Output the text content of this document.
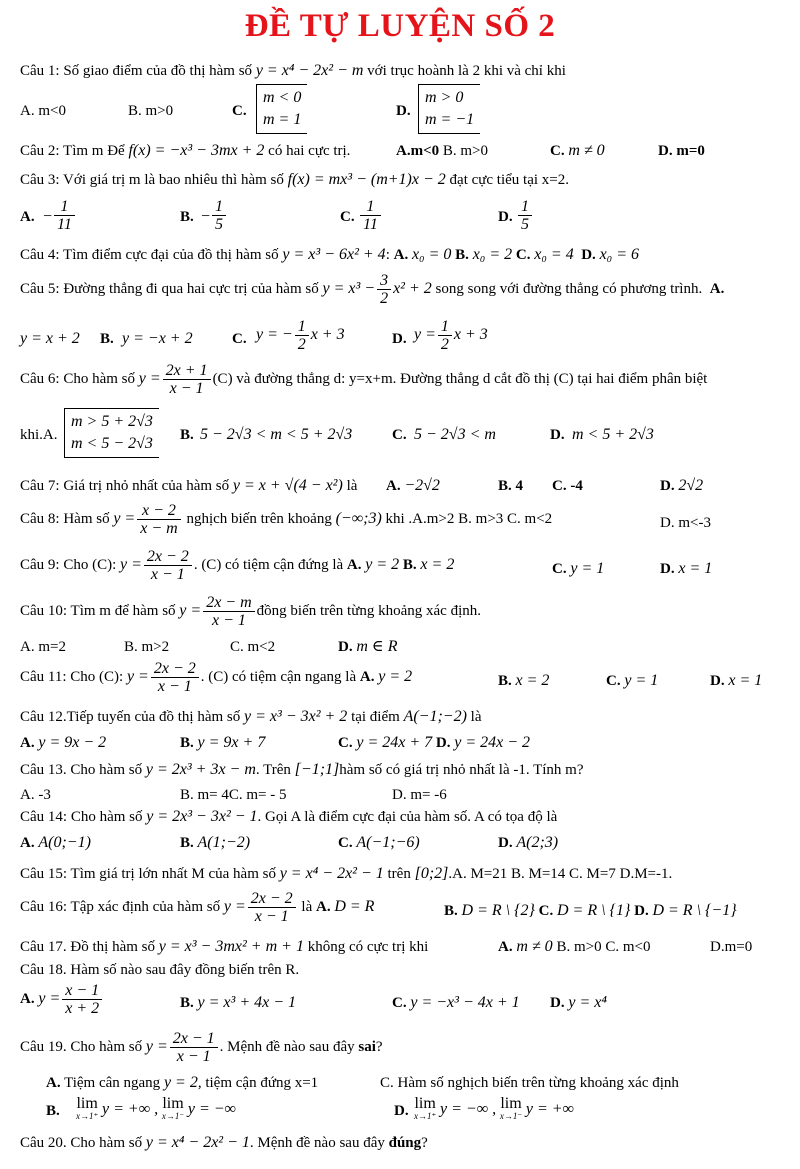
ĐỀ TỰ LUYỆN SỐ 2
Câu 1: Số giao điểm của đồ thị hàm số y = x⁴ − 2x² − m với trục hoành là 2 khi và chỉ khi
A. m<0	B. m>0	C.
m < 0
m = 1	D.
m > 0
m = −1
Câu 2: Tìm m Để f(x) = −x³ − 3mx + 2 có hai cực trị.	A.m<0 B. m>0	C. m ≠ 0	D. m=0
Câu 3: Với giá trị m là bao nhiêu thì hàm số f(x) = mx³ − (m+1)x − 2 đạt cực tiểu tại x=2.
A. − $\frac{1}{11}$	B. − $\frac{1}{5}$	C. $\frac{1}{11}$	D. $\frac{1}{5}$
Câu 4: Tìm điểm cực đại của đồ thị hàm số y = x³ − 6x² + 4: A. x₀ = 0 B. x₀ = 2 C. x₀ = 4 D. x₀ = 6
Câu 5: Đường thẳng đi qua hai cực trị của hàm số $y = x^3 - \frac{3}{2} x^2 + 2$ song song với đường thẳng có phương trình. A.
y = x + 2 B. y = −x + 2	C. y = − $\frac{1}{2}$ x + 3	D. $y = \frac{1}{2}$ x + 3
Câu 6: Cho hàm số $y = \frac{2x + 1}{x - 1} (C)$ và đường thẳng d: y=x+m. Đường thẳng d cắt đồ thị (C) tại hai điểm phân biệt
khi.A.
m > 5 + 2√3
m < 5 − 2√3 B. 5 − 2√3 < m < 5 + 2√3	C. 5 − 2√3 < m	D. m < 5 + 2√3
Câu 7: Giá trị nhỏ nhất của hàm số y = x + √(4 − x²) là A. −2√2	B. 4 C. -4	D. 2√2
Câu 8: Hàm số $y = \frac{x - 2}{x - m}$ nghịch biến trên khoảng (−∞;3) khi .A.m>2 B. m>3 C. m<2	D. m<-3
Câu 9: Cho (C): $y = \frac{2x - 2}{x - 1}$ . (C) có tiệm cận đứng là A. y = 2 B. x = 2	C. y = 1	D. x = 1
Câu 10: Tìm m để hàm số $y = \frac{2x - m}{x - 1}$ đồng biến trên từng khoảng xác định.
A. m=2	B. m>2	C. m<2	D. m ∈ R
Câu 11: Cho (C): $y = \frac{2x - 2}{x - 1}$ . (C) có tiệm cận ngang là A. y = 2	B. x = 2	C. y = 1	D. x = 1
Câu 12.Tiếp tuyến của đồ thị hàm số y = x³ − 3x² + 2 tại điểm A(−1;−2) là
A. y = 9x − 2	B. y = 9x + 7	C. y = 24x + 7 D. y = 24x − 2
Câu 13. Cho hàm số y = 2x³ + 3x − m. Trên [−1;1]hàm số có giá trị nhỏ nhất là -1. Tính m?
A. -3	B. m= 4C. m= - 5	D. m= -6
Câu 14: Cho hàm số y = 2x³ − 3x² − 1. Gọi A là điểm cực đại của hàm số. A có tọa độ là
A. A(0;−1)	B. A(1;−2)	C. A(−1;−6)	D. A(2;3)
Câu 15: Tìm giá trị lớn nhất M của hàm số y = x⁴ − 2x² − 1 trên [0;2].A. M=21 B. M=14 C. M=7 D.M=-1.
Câu 16: Tập xác định của hàm số $y = \frac{2x - 2}{x - 1}$ là A. D = R	B. D = R \ {2} C. D = R \ {1} D. D = R \ {−1}
Câu 17. Đồ thị hàm số y = x³ − 3mx² + m + 1 không có cực trị khi	A. m ≠ 0 B. m>0 C. m<0	D.m=0
Câu 18. Hàm số nào sau đây đồng biến trên R.
A. $y = \frac{x - 1}{x + 2}$	B. y = x³ + 4x − 1	C. y = −x³ − 4x + 1 D. y = x⁴
Câu 19. Cho hàm số $y = \frac{2x - 1}{x - 1}$ . Mệnh đề nào sau đây sai?
A. Tiệm cân ngang y = 2, tiệm cận đứng x=1	C. Hàm số nghịch biến trên từng khoảng xác định
B. lim
x→1⁺ y = +∞ , lim
x→1⁻ y = −∞	D. lim
x→1⁺ y = −∞ , lim
x→1⁻ y = +∞
Câu 20. Cho hàm số y = x⁴ − 2x² − 1. Mệnh đề nào sau đây đúng?
